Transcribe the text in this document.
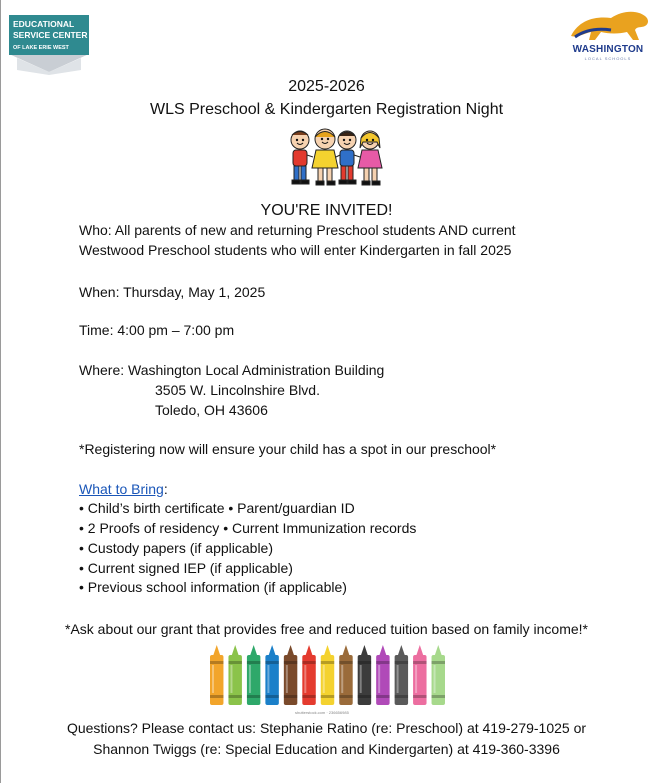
EDUCATIONAL
SERVICE CENTER
OF LAKE ERIE WEST	WASHINGTON
LOCAL SCHOOLS
2025-2026
WLS Preschool & Kindergarten Registration Night
YOU'RE INVITED!
Who: All parents of new and returning Preschool students AND current
Westwood Preschool students who will enter Kindergarten in fall 2025
When: Thursday, May 1, 2025
Time: 4:00 pm – 7:00 pm
Where: Washington Local Administration Building
3505 W. Lincolnshire Blvd.
Toledo, OH 43606
*Registering now will ensure your child has a spot in our preschool*
What to Bring:
• Child’s birth certificate • Parent/guardian ID
• 2 Proofs of residency • Current Immunization records
• Custody papers (if applicable)
• Current signed IEP (if applicable)
• Previous school information (if applicable)
*Ask about our grant that provides free and reduced tuition based on family income!*
shutterstock.com · 236656985
Questions? Please contact us: Stephanie Ratino (re: Preschool) at 419-279-1025 or
Shannon Twiggs (re: Special Education and Kindergarten) at 419-360-3396
